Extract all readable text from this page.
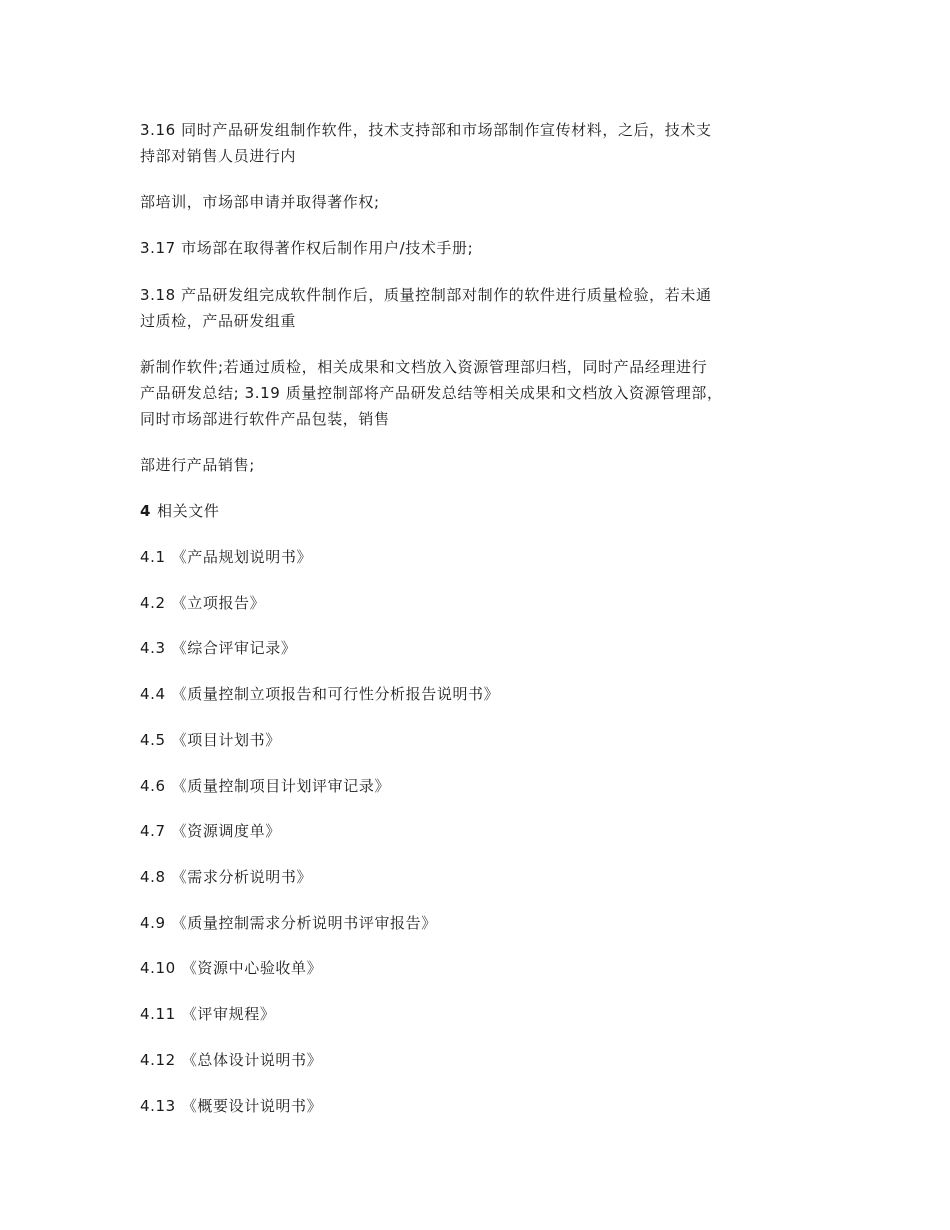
3.16 同时产品研发组制作软件，技术支持部和市场部制作宣传材料，之后，技术支
持部对销售人员进行内

部培训，市场部申请并取得著作权;

3.17 市场部在取得著作权后制作用户/技术手册;

3.18 产品研发组完成软件制作后，质量控制部对制作的软件进行质量检验，若未通
过质检，产品研发组重

新制作软件;若通过质检，相关成果和文档放入资源管理部归档，同时产品经理进行
产品研发总结; 3.19 质量控制部将产品研发总结等相关成果和文档放入资源管理部，
同时市场部进行软件产品包装，销售

部进行产品销售;

4 相关文件

4.1 《产品规划说明书》

4.2 《立项报告》

4.3 《综合评审记录》

4.4 《质量控制立项报告和可行性分析报告说明书》

4.5 《项目计划书》

4.6 《质量控制项目计划评审记录》

4.7 《资源调度单》

4.8 《需求分析说明书》

4.9 《质量控制需求分析说明书评审报告》

4.10 《资源中心验收单》

4.11 《评审规程》

4.12 《总体设计说明书》

4.13 《概要设计说明书》
